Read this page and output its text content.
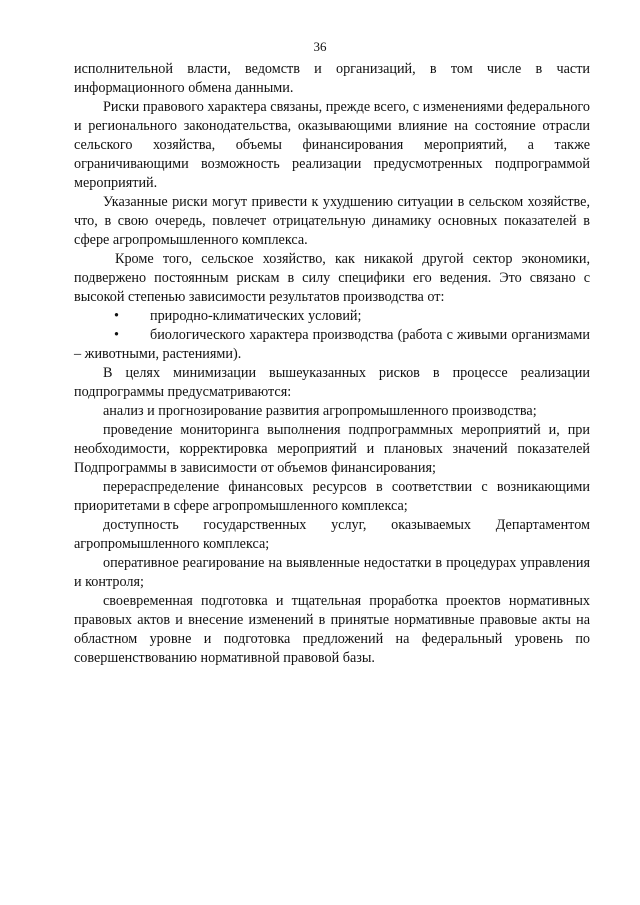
36

исполнительной власти, ведомств и организаций, в том числе в части информационного обмена данными.

Риски правового характера связаны, прежде всего, с изменениями федерального и регионального законодательства, оказывающими влияние на состояние отрасли сельского хозяйства, объемы финансирования мероприятий, а также ограничивающими возможность реализации предусмотренных подпрограммой мероприятий.

Указанные риски могут привести к ухудшению ситуации в сельском хозяйстве, что, в свою очередь, повлечет отрицательную динамику основных показателей в сфере агропромышленного комплекса.

Кроме того, сельское хозяйство, как никакой другой сектор экономики, подвержено постоянным рискам в силу специфики его ведения. Это связано с высокой степенью зависимости результатов производства от:

• природно-климатических условий;

• биологического характера производства (работа с живыми организмами – животными, растениями).

В целях минимизации вышеуказанных рисков в процессе реализации подпрограммы предусматриваются:

анализ и прогнозирование развития агропромышленного производства;

проведение мониторинга выполнения подпрограммных мероприятий и, при необходимости, корректировка мероприятий и плановых значений показателей Подпрограммы в зависимости от объемов финансирования;

перераспределение финансовых ресурсов в соответствии с возникающими приоритетами в сфере агропромышленного комплекса;

доступность государственных услуг, оказываемых Департаментом агропромышленного комплекса;

оперативное реагирование на выявленные недостатки в процедурах управления и контроля;

своевременная подготовка и тщательная проработка проектов нормативных правовых актов и внесение изменений в принятые нормативные правовые акты на областном уровне и подготовка предложений на федеральный уровень по совершенствованию нормативной правовой базы.
